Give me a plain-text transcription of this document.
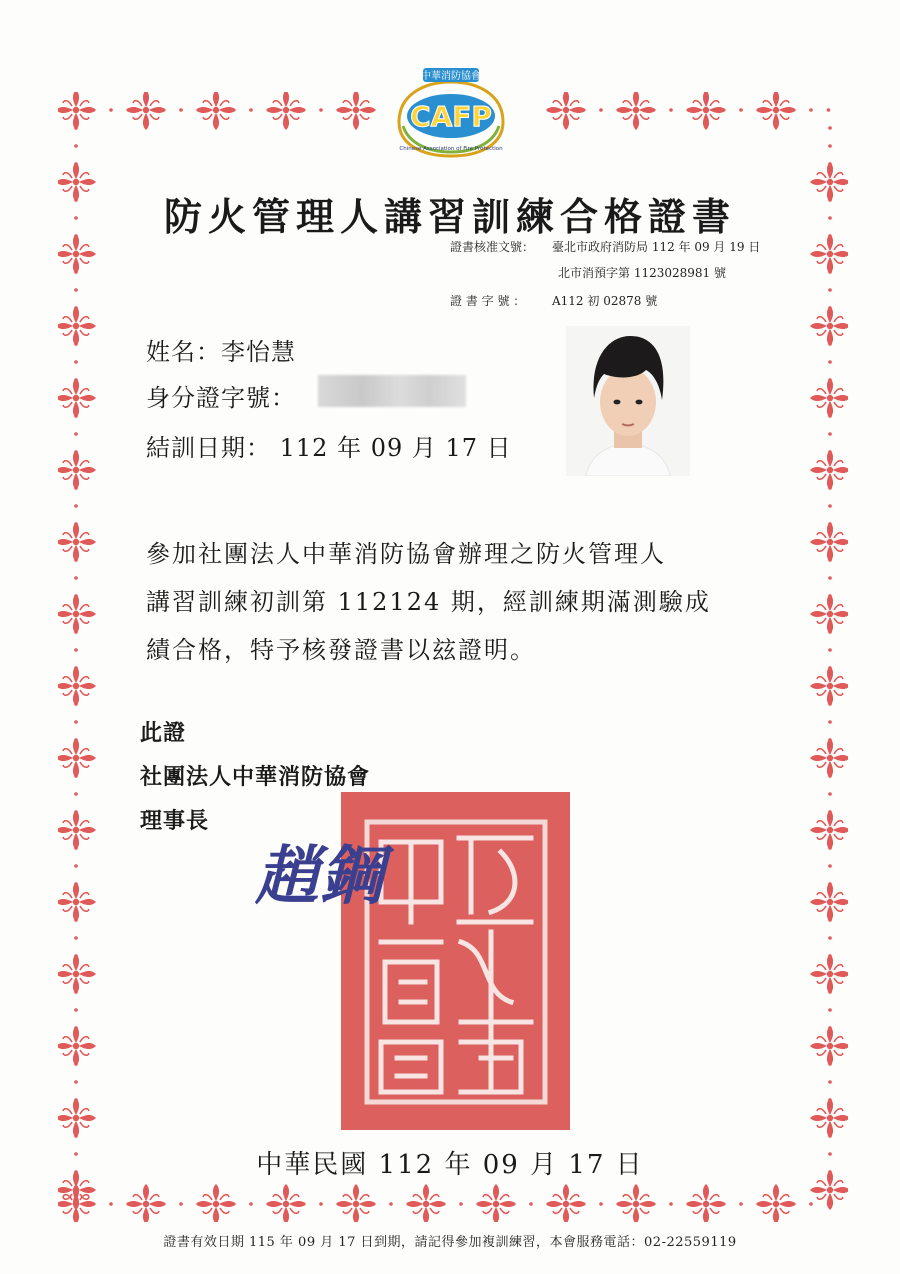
中華消防協會
CAFP
Chinese Association of Fire Protection
防火管理人講習訓練合格證書
證書核准文號： 臺北市政府消防局 112 年 09 月 19 日
北市消預字第 1123028981 號
證 書 字 號 ： A112 初 02878 號
姓名：李怡慧
身分證字號：
結訓日期： 112 年 09 月 17 日
參加社團法人中華消防協會辦理之防火管理人
講習訓練初訓第 112124 期，經訓練期滿測驗成
績合格，特予核發證書以玆證明。
此證
社團法人中華消防協會
理事長
趙鋼
中華民國 112 年 09 月 17 日
證書有效日期 115 年 09 月 17 日到期，請記得參加複訓練習，本會服務電話：02-22559119
